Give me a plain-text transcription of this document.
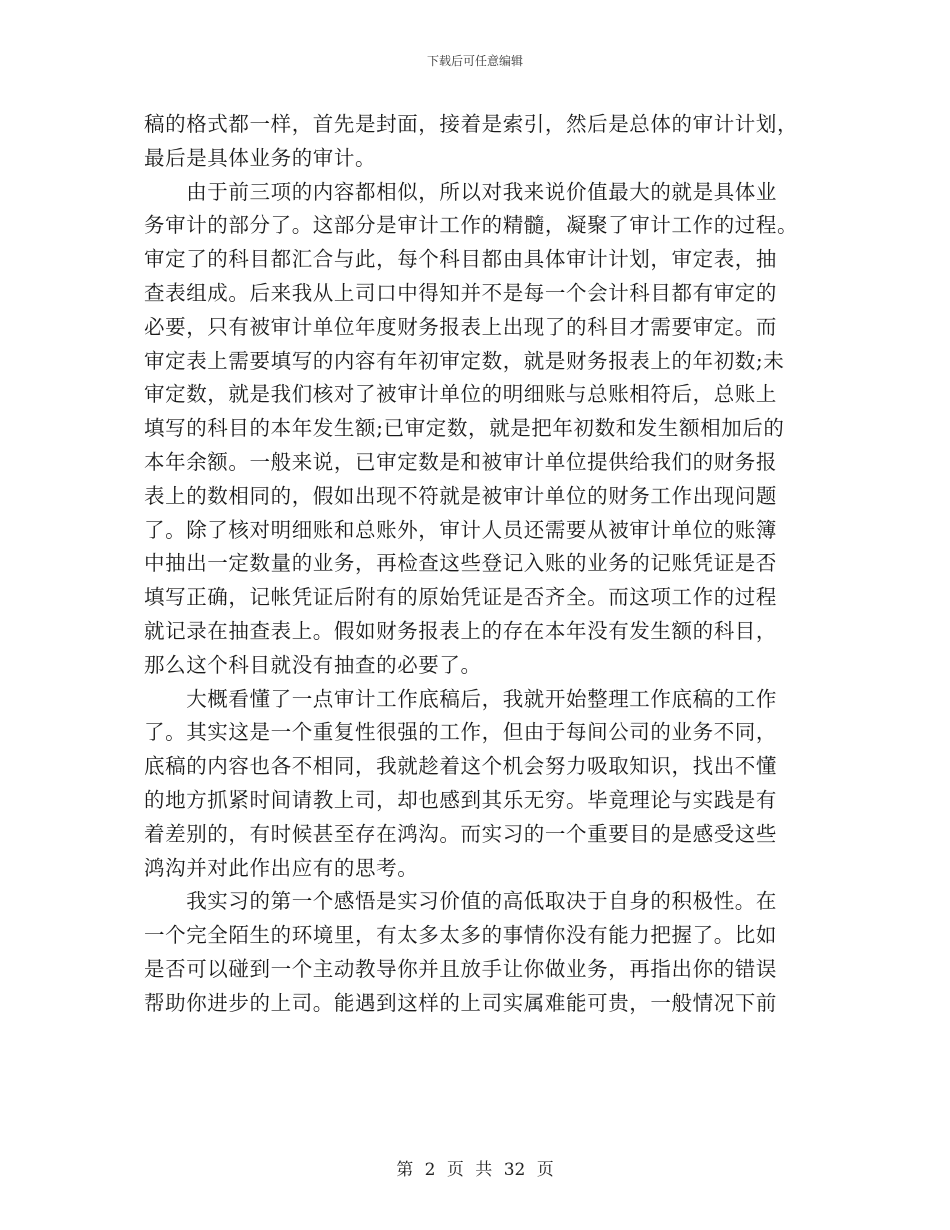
下载后可任意编辑
稿的格式都一样，首先是封面，接着是索引，然后是总体的审计计划，
最后是具体业务的审计。
　　由于前三项的内容都相似，所以对我来说价值最大的就是具体业
务审计的部分了。这部分是审计工作的精髓，凝聚了审计工作的过程。
审定了的科目都汇合与此，每个科目都由具体审计计划，审定表，抽
查表组成。后来我从上司口中得知并不是每一个会计科目都有审定的
必要，只有被审计单位年度财务报表上出现了的科目才需要审定。而
审定表上需要填写的内容有年初审定数，就是财务报表上的年初数;未
审定数，就是我们核对了被审计单位的明细账与总账相符后，总账上
填写的科目的本年发生额;已审定数，就是把年初数和发生额相加后的
本年余额。一般来说，已审定数是和被审计单位提供给我们的财务报
表上的数相同的，假如出现不符就是被审计单位的财务工作出现问题
了。除了核对明细账和总账外，审计人员还需要从被审计单位的账簿
中抽出一定数量的业务，再检查这些登记入账的业务的记账凭证是否
填写正确，记帐凭证后附有的原始凭证是否齐全。而这项工作的过程
就记录在抽查表上。假如财务报表上的存在本年没有发生额的科目，
那么这个科目就没有抽查的必要了。
　　大概看懂了一点审计工作底稿后，我就开始整理工作底稿的工作
了。其实这是一个重复性很强的工作，但由于每间公司的业务不同，
底稿的内容也各不相同，我就趁着这个机会努力吸取知识，找出不懂
的地方抓紧时间请教上司，却也感到其乐无穷。毕竟理论与实践是有
着差别的，有时候甚至存在鸿沟。而实习的一个重要目的是感受这些
鸿沟并对此作出应有的思考。
　　我实习的第一个感悟是实习价值的高低取决于自身的积极性。在
一个完全陌生的环境里，有太多太多的事情你没有能力把握了。比如
是否可以碰到一个主动教导你并且放手让你做业务，再指出你的错误
帮助你进步的上司。能遇到这样的上司实属难能可贵，一般情况下前
第 2 页 共 32 页
